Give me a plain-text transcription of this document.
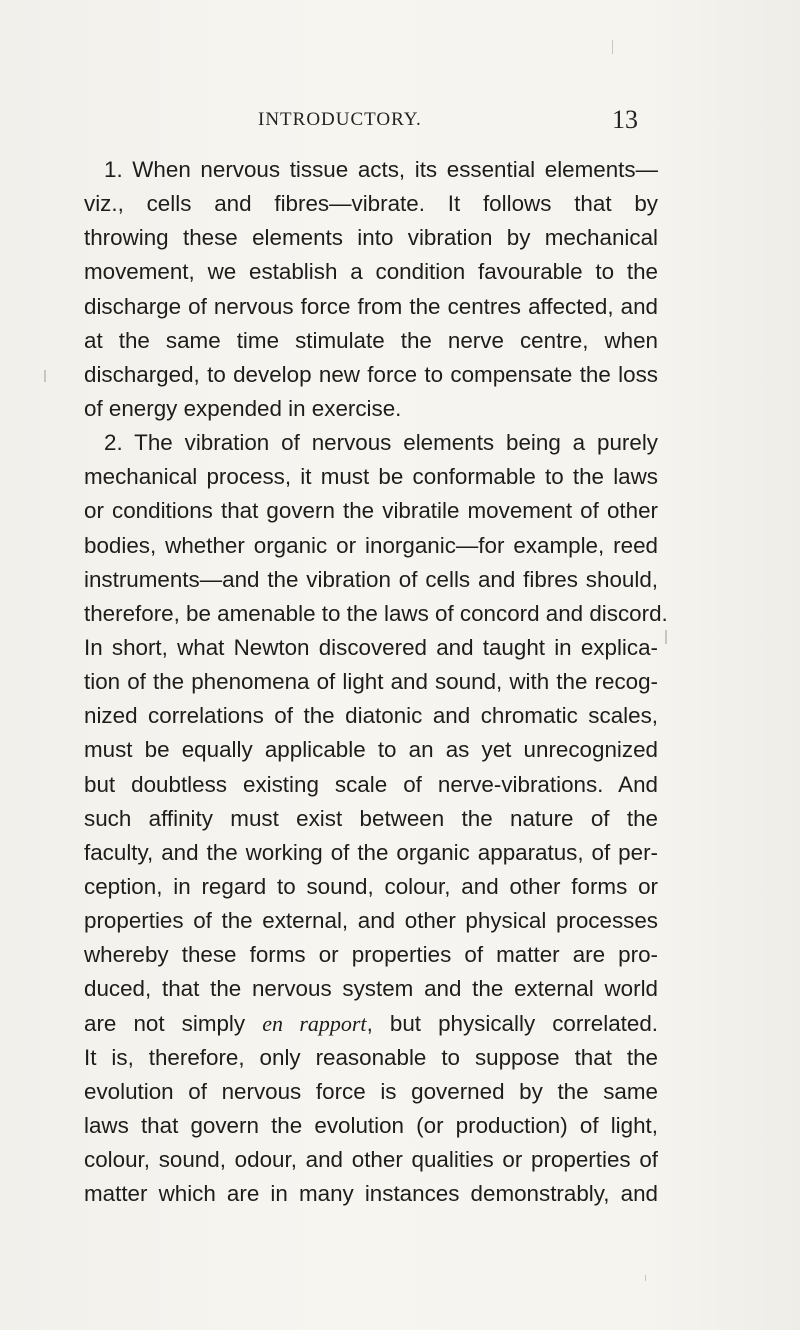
INTRODUCTORY.	13
1. When nervous tissue acts, its essential elements—
viz., cells and fibres—vibrate. It follows that by
throwing these elements into vibration by mechanical
movement, we establish a condition favourable to the
discharge of nervous force from the centres affected, and
at the same time stimulate the nerve centre, when
discharged, to develop new force to compensate the loss
of energy expended in exercise.
2. The vibration of nervous elements being a purely
mechanical process, it must be conformable to the laws
or conditions that govern the vibratile movement of other
bodies, whether organic or inorganic—for example, reed
instruments—and the vibration of cells and fibres should,
therefore, be amenable to the laws of concord and discord.
In short, what Newton discovered and taught in explica-
tion of the phenomena of light and sound, with the recog-
nized correlations of the diatonic and chromatic scales,
must be equally applicable to an as yet unrecognized
but doubtless existing scale of nerve-vibrations. And
such affinity must exist between the nature of the
faculty, and the working of the organic apparatus, of per-
ception, in regard to sound, colour, and other forms or
properties of the external, and other physical processes
whereby these forms or properties of matter are pro-
duced, that the nervous system and the external world
are not simply en rapport, but physically correlated.
It is, therefore, only reasonable to suppose that the
evolution of nervous force is governed by the same
laws that govern the evolution (or production) of light,
colour, sound, odour, and other qualities or properties of
matter which are in many instances demonstrably, and
